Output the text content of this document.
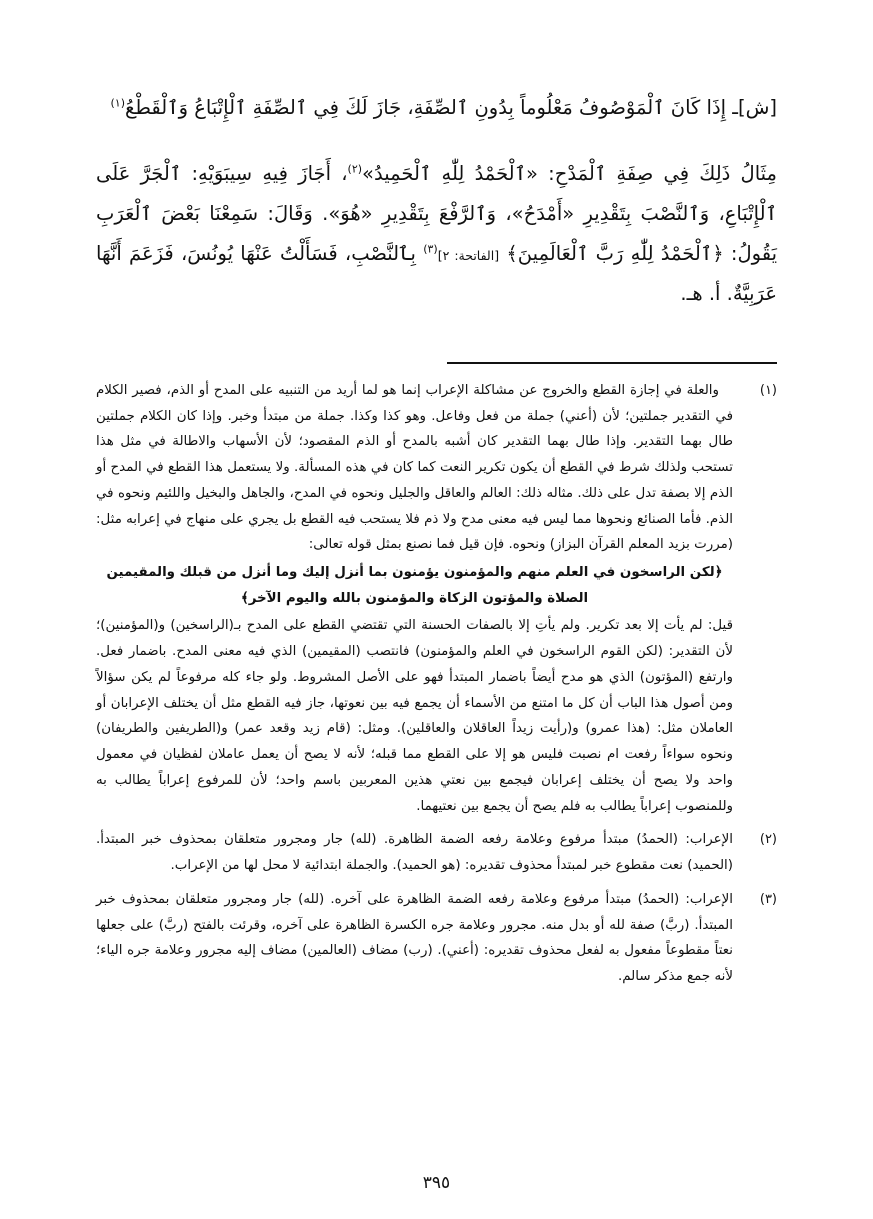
[ش]ـ إِذَا كَانَ ٱلْمَوْصُوفُ مَعْلُوماً بِدُونِ ٱلصِّفَةِ، جَازَ لَكَ فِي ٱلصِّفَةِ ٱلْإِتْبَاعُ وَٱلْقَطْعُ$^{(١)}$

مِثَالُ ذَلِكَ فِي صِفَةِ ٱلْمَدْحِ: «ٱلْحَمْدُ لِلّٰهِ ٱلْحَمِيدُ»$^{(٢)}$، أَجَازَ فِيهِ سِيبَوَيْهِ: ٱلْجَرَّ عَلَى ٱلْإِتْبَاعِ، وَٱلنَّصْبَ بِتَقْدِيرِ «أَمْدَحُ»، وَٱلرَّفْعَ بِتَقْدِيرِ «هُوَ». وَقَالَ: سَمِعْنَا بَعْضَ ٱلْعَرَبِ يَقُولُ: ﴿ٱلْحَمْدُ لِلّٰهِ رَبَّ ٱلْعَالَمِينَ﴾ [الفاتحة: ٢]$^{(٣)}$ بِٱلنَّصْبِ، فَسَأَلْتُ عَنْهَا يُونُسَ، فَزَعَمَ أَنَّهَا عَرَبِيَّةٌ. أ. هـ.

(١)

والعلة في إجازة القطع والخروج عن مشاكلة الإعراب إنما هو لما أريد من التنبيه على المدح أو الذم، فصير الكلام في التقدير جملتين؛ لأن (أعني) جملة من فعل وفاعل. وهو كذا وكذا. جملة من مبتدأ وخبر. وإذا كان الكلام جملتين طال بهما التقدير. وإذا طال بهما التقدير كان أشبه بالمدح أو الذم المقصود؛ لأن الأسهاب والاطالة في مثل هذا تستحب ولذلك شرط في القطع أن يكون تكرير النعت كما كان في هذه المسألة. ولا يستعمل هذا القطع في المدح أو الذم إلا بصفة تدل على ذلك. مثاله ذلك: العالم والعاقل والجليل ونحوه في المدح، والجاهل والبخيل واللئيم ونحوه في الذم. فأما الصنائع ونحوها مما ليس فيه معنى مدح ولا ذم فلا يستحب فيه القطع بل يجري على منهاج في إعرابه مثل: (مررت بزيد المعلم القرآن البزاز) ونحوه. فإن قيل فما نصنع بمثل قوله تعالى:

﴿لكن الراسخون في العلم منهم والمؤمنون يؤمنون بما أنزل إليك وما أنزل من قبلك والمقيمين الصلاة والمؤتون الزكاة والمؤمنون بالله واليوم الآخر﴾

قيل: لم يأت إلا بعد تكرير. ولم يأتِ إلا بالصفات الحسنة التي تقتضي القطع على المدح بـ(الراسخين) و(المؤمنين)؛ لأن التقدير: (لكن القوم الراسخون في العلم والمؤمنون) فانتصب (المقيمين) الذي فيه معنى المدح. باضمار فعل. وارتفع (المؤتون) الذي هو مدح أيضاً باضمار المبتدأ فهو على الأصل المشروط. ولو جاء كله مرفوعاً لم يكن سؤالاً ومن أصول هذا الباب أن كل ما امتنع من الأسماء أن يجمع فيه بين نعوتها، جاز فيه القطع مثل أن يختلف الإعرابان أو العاملان مثل: (هذا عمرو) و(رأيت زيداً العاقلان والعاقلين). ومثل: (قام زيد وقعد عمر) و(الطريفين والطريفان) ونحوه سواءاً رفعت ام نصبت فليس هو إلا على القطع مما قبله؛ لأنه لا يصح أن يعمل عاملان لفظيان في معمول واحد ولا يصح أن يختلف إعرابان فيجمع بين نعتي هذين المعربين باسم واحد؛ لأن للمرفوع إعراباً يطالب به وللمنصوب إعراباً يطالب به فلم يصح أن يجمع بين نعتيهما.

(٢)

الإعراب: (الحمدُ) مبتدأ مرفوع وعلامة رفعه الضمة الظاهرة. (لله) جار ومجرور متعلقان بمحذوف خبر المبتدأ. (الحميد) نعت مقطوع خبر لمبتدأ محذوف تقديره: (هو الحميد). والجملة ابتدائية لا محل لها من الإعراب.

(٣)

الإعراب: (الحمدُ) مبتدأ مرفوع وعلامة رفعه الضمة الظاهرة على آخره. (لله) جار ومجرور متعلقان بمحذوف خبر المبتدأ. (ربَّ) صفة لله أو بدل منه. مجرور وعلامة جره الكسرة الظاهرة على آخره، وقرئت بالفتح (ربَّ) على جعلها نعتاً مقطوعاً مفعول به لفعل محذوف تقديره: (أعني). (رب) مضاف (العالمين) مضاف إليه مجرور وعلامة جره الياء؛ لأنه جمع مذكر سالم.

٣٩٥
